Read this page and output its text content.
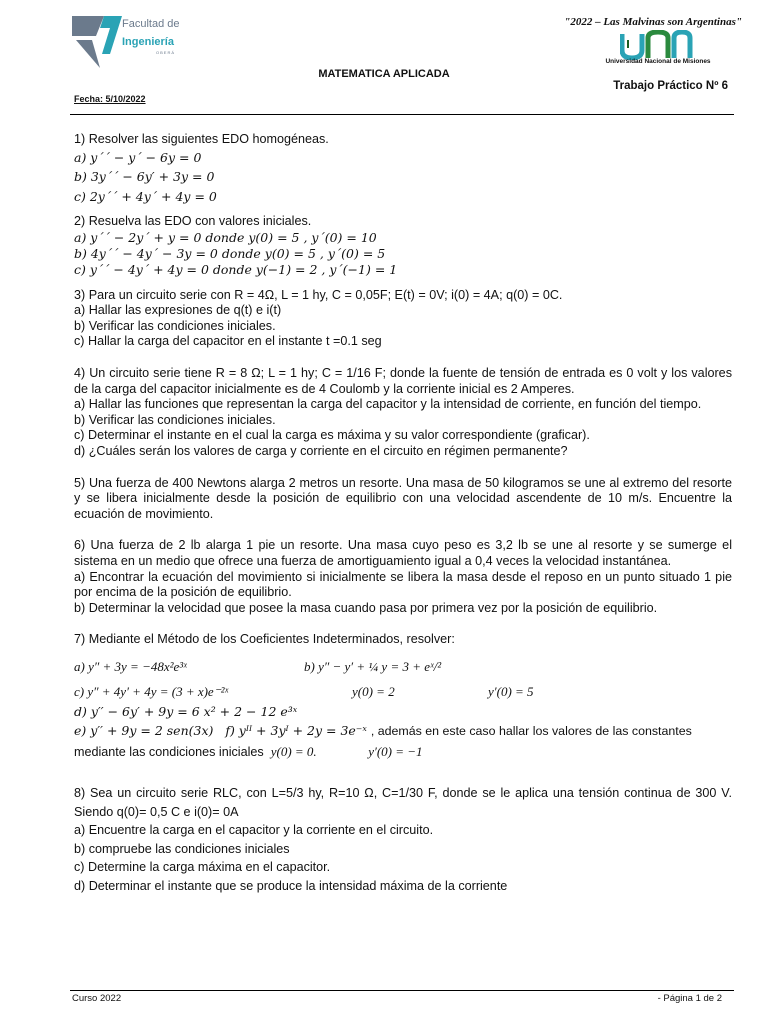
Facultad de Ingeniería
OBERÁ
"2022 – Las Malvinas son Argentinas"
Universidad Nacional de Misiones
MATEMATICA APLICADA
Trabajo Práctico Nº 6
Fecha: 5/10/2022

1) Resolver las siguientes EDO homogéneas.

a) y´´ − y´ − 6y = 0

b) 3y´´ − 6y′ + 3y = 0

c) 2y´´ + 4y´ + 4y = 0

2) Resuelva las EDO con valores iniciales.

a) y´´ − 2y´ + y = 0 donde y(0) = 5 , y´(0) = 10

b) 4y´´ − 4y´ − 3y = 0 donde y(0) = 5 , y´(0) = 5

c) y´´ − 4y´ + 4y = 0 donde y(−1) = 2 , y´(−1) = 1

3) Para un circuito serie con R = 4Ω, L = 1 hy, C = 0,05F; E(t) = 0V; i(0) = 4A; q(0) = 0C.

a) Hallar las expresiones de q(t) e i(t)

b) Verificar las condiciones iniciales.

c) Hallar la carga del capacitor en el instante t =0.1 seg

4) Un circuito serie tiene R = 8 Ω; L = 1 hy; C = 1/16 F; donde la fuente de tensión de entrada es 0 volt y los valores de la carga del capacitor inicialmente es de 4 Coulomb y la corriente inicial es 2 Amperes.

a) Hallar las funciones que representan la carga del capacitor y la intensidad de corriente, en función del tiempo.

b) Verificar las condiciones iniciales.

c) Determinar el instante en el cual la carga es máxima y su valor correspondiente (graficar).

d) ¿Cuáles serán los valores de carga y corriente en el circuito en régimen permanente?

5) Una fuerza de 400 Newtons alarga 2 metros un resorte. Una masa de 50 kilogramos se une al extremo del resorte y se libera inicialmente desde la posición de equilibrio con una velocidad ascendente de 10 m/s. Encuentre la ecuación de movimiento.

6) Una fuerza de 2 lb alarga 1 pie un resorte. Una masa cuyo peso es 3,2 lb se une al resorte y se sumerge el sistema en un medio que ofrece una fuerza de amortiguamiento igual a 0,4 veces la velocidad instantánea.

a) Encontrar la ecuación del movimiento si inicialmente se libera la masa desde el reposo en un punto situado 1 pie por encima de la posición de equilibrio.

b) Determinar la velocidad que posee la masa cuando pasa por primera vez por la posición de equilibrio.

7) Mediante el Método de los Coeficientes Indeterminados, resolver:

a) y″ + 3y = −48x²e³ˣ	b) y″ − y′ + ¼ y = 3 + eˣ/²
c) y″ + 4y′ + 4y = (3 + x)e⁻²ˣ	y(0) = 2	y′(0) = 5

d) y′′ − 6y′ + 9y = 6 x² + 2 − 12 e³ˣ

e) y′′ + 9y = 2 sen(3x) f) yᴵᴵ + 3yᴵ + 2y = 3e⁻ˣ , además en este caso hallar los valores de las constantes

mediante las condiciones iniciales y(0) = 0.	y′(0) = −1

8) Sea un circuito serie RLC, con L=5/3 hy, R=10 Ω, C=1/30 F, donde se le aplica una tensión continua de 300 V. Siendo q(0)= 0,5 C e i(0)= 0A

a) Encuentre la carga en el capacitor y la corriente en el circuito.

b) compruebe las condiciones iniciales

c) Determine la carga máxima en el capacitor.

d) Determinar el instante que se produce la intensidad máxima de la corriente

Curso 2022	- Página 1 de 2
